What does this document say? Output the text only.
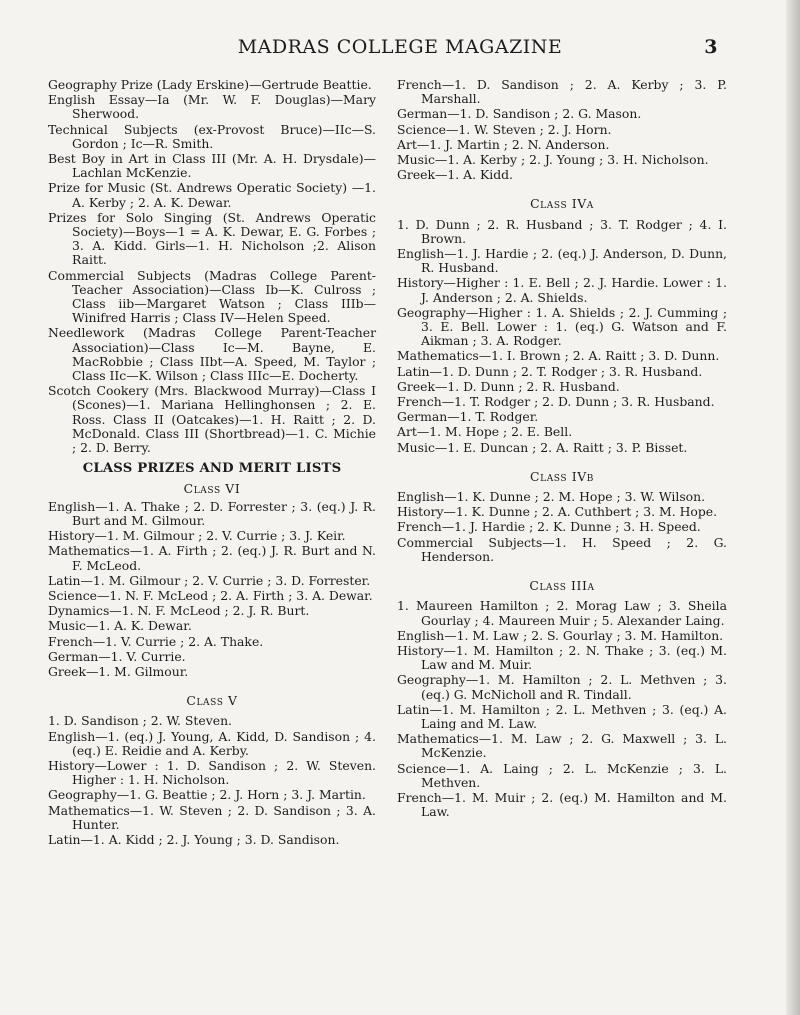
MADRAS COLLEGE MAGAZINE	3

Geography Prize (Lady Erskine)—Gertrude Beattie.

English Essay—Ia (Mr. W. F. Douglas)—Mary Sherwood.

Technical Subjects (ex-Provost Bruce)—IIc—S. Gordon ; Ic—R. Smith.

Best Boy in Art in Class III (Mr. A. H. Drysdale)—Lachlan McKenzie.

Prize for Music (St. Andrews Operatic Society) —1. A. Kerby ; 2. A. K. Dewar.

Prizes for Solo Singing (St. Andrews Operatic Society)—Boys—1 = A. K. Dewar, E. G. Forbes ; 3. A. Kidd. Girls—1. H. Nicholson ;2. Alison Raitt.

Commercial Subjects (Madras College Parent-Teacher Association)—Class Ib—K. Culross ; Class iib—Margaret Watson ; Class IIIb—Winifred Harris ; Class IV—Helen Speed.

Needlework (Madras College Parent-Teacher Association)—Class Ic—M. Bayne, E. MacRobbie ; Class IIbt—A. Speed, M. Taylor ; Class IIc—K. Wilson ; Class IIIc—E. Docherty.

Scotch Cookery (Mrs. Blackwood Murray)—Class I (Scones)—1. Mariana Hellinghonsen ; 2. E. Ross. Class II (Oatcakes)—1. H. Raitt ; 2. D. McDonald. Class III (Shortbread)—1. C. Michie ; 2. D. Berry.

CLASS PRIZES AND MERIT LISTS
Class VI

English—1. A. Thake ; 2. D. Forrester ; 3. (eq.) J. R. Burt and M. Gilmour.

History—1. M. Gilmour ; 2. V. Currie ; 3. J. Keir.

Mathematics—1. A. Firth ; 2. (eq.) J. R. Burt and N. F. McLeod.

Latin—1. M. Gilmour ; 2. V. Currie ; 3. D. Forrester.

Science—1. N. F. McLeod ; 2. A. Firth ; 3. A. Dewar.

Dynamics—1. N. F. McLeod ; 2. J. R. Burt.

Music—1. A. K. Dewar.

French—1. V. Currie ; 2. A. Thake.

German—1. V. Currie.

Greek—1. M. Gilmour.

Class V

1. D. Sandison ; 2. W. Steven.

English—1. (eq.) J. Young, A. Kidd, D. Sandison ; 4. (eq.) E. Reidie and A. Kerby.

History—Lower : 1. D. Sandison ; 2. W. Steven. Higher : 1. H. Nicholson.

Geography—1. G. Beattie ; 2. J. Horn ; 3. J. Martin.

Mathematics—1. W. Steven ; 2. D. Sandison ; 3. A. Hunter.

Latin—1. A. Kidd ; 2. J. Young ; 3. D. Sandison.

French—1. D. Sandison ; 2. A. Kerby ; 3. P. Marshall.

German—1. D. Sandison ; 2. G. Mason.

Science—1. W. Steven ; 2. J. Horn.

Art—1. J. Martin ; 2. N. Anderson.

Music—1. A. Kerby ; 2. J. Young ; 3. H. Nicholson.

Greek—1. A. Kidd.

Class IVa

1. D. Dunn ; 2. R. Husband ; 3. T. Rodger ; 4. I. Brown.

English—1. J. Hardie ; 2. (eq.) J. Anderson, D. Dunn, R. Husband.

History—Higher : 1. E. Bell ; 2. J. Hardie. Lower : 1. J. Anderson ; 2. A. Shields.

Geography—Higher : 1. A. Shields ; 2. J. Cumming ; 3. E. Bell. Lower : 1. (eq.) G. Watson and F. Aikman ; 3. A. Rodger.

Mathematics—1. I. Brown ; 2. A. Raitt ; 3. D. Dunn.

Latin—1. D. Dunn ; 2. T. Rodger ; 3. R. Husband.

Greek—1. D. Dunn ; 2. R. Husband.

French—1. T. Rodger ; 2. D. Dunn ; 3. R. Husband.

German—1. T. Rodger.

Art—1. M. Hope ; 2. E. Bell.

Music—1. E. Duncan ; 2. A. Raitt ; 3. P. Bisset.

Class IVb

English—1. K. Dunne ; 2. M. Hope ; 3. W. Wilson.

History—1. K. Dunne ; 2. A. Cuthbert ; 3. M. Hope.

French—1. J. Hardie ; 2. K. Dunne ; 3. H. Speed.

Commercial Subjects—1. H. Speed ; 2. G. Henderson.

Class IIIa

1. Maureen Hamilton ; 2. Morag Law ; 3. Sheila Gourlay ; 4. Maureen Muir ; 5. Alexander Laing.

English—1. M. Law ; 2. S. Gourlay ; 3. M. Hamilton.

History—1. M. Hamilton ; 2. N. Thake ; 3. (eq.) M. Law and M. Muir.

Geography—1. M. Hamilton ; 2. L. Methven ; 3. (eq.) G. McNicholl and R. Tindall.

Latin—1. M. Hamilton ; 2. L. Methven ; 3. (eq.) A. Laing and M. Law.

Mathematics—1. M. Law ; 2. G. Maxwell ; 3. L. McKenzie.

Science—1. A. Laing ; 2. L. McKenzie ; 3. L. Methven.

French—1. M. Muir ; 2. (eq.) M. Hamilton and M. Law.
